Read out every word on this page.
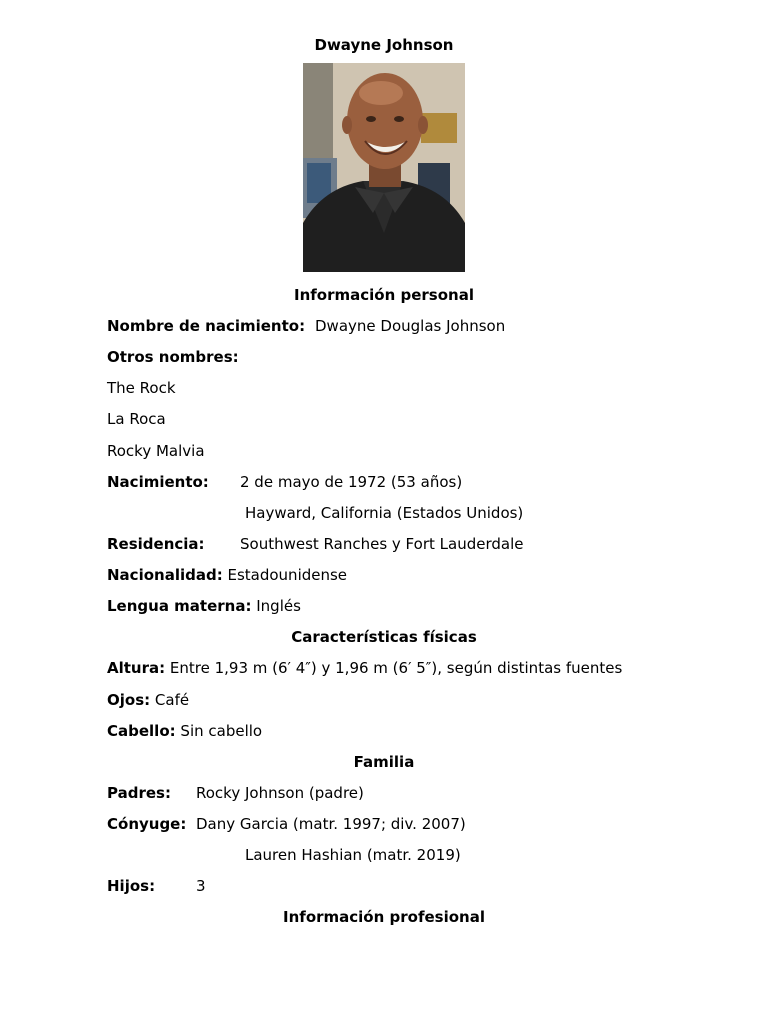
Dwayne Johnson
Información personal
Nombre de nacimiento: Dwayne Douglas Johnson
Otros nombres:
The Rock
La Roca
Rocky Malvia
Nacimiento: 2 de mayo de 1972 (53 años)
Hayward, California (Estados Unidos)
Residencia: Southwest Ranches y Fort Lauderdale
Nacionalidad: Estadounidense
Lengua materna: Inglés
Características físicas
Altura: Entre 1,93 m (6′ 4″) y 1,96 m (6′ 5″), según distintas fuentes
Ojos: Café
Cabello: Sin cabello
Familia
Padres: Rocky Johnson (padre)
Cónyuge: Dany Garcia (matr. 1997; div. 2007)
Lauren Hashian (matr. 2019)
Hijos:	3
Información profesional
